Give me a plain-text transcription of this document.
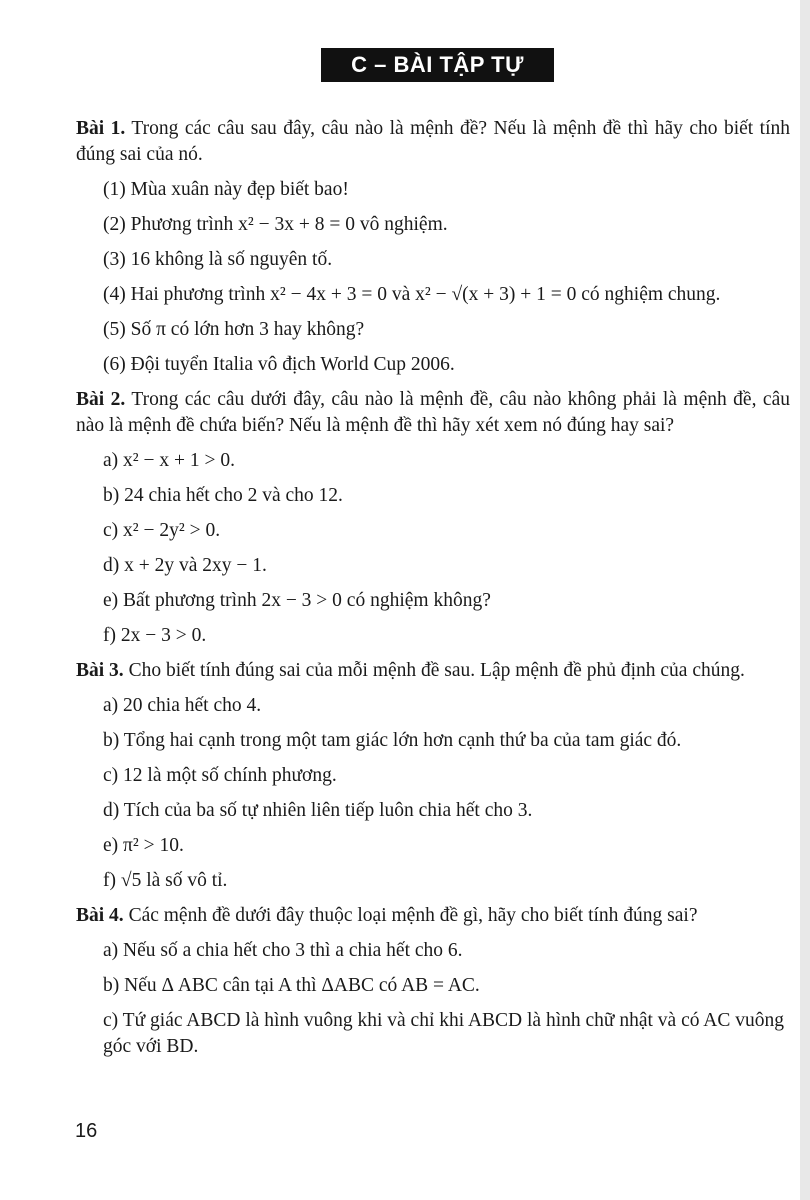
C – BÀI TẬP TỰ LUẬN

Bài 1. Trong các câu sau đây, câu nào là mệnh đề? Nếu là mệnh đề thì hãy cho biết tính đúng sai của nó.

(1) Mùa xuân này đẹp biết bao!

(2) Phương trình x² − 3x + 8 = 0 vô nghiệm.

(3) 16 không là số nguyên tố.

(4) Hai phương trình x² − 4x + 3 = 0 và x² − √(x + 3) + 1 = 0 có nghiệm chung.

(5) Số π có lớn hơn 3 hay không?

(6) Đội tuyển Italia vô địch World Cup 2006.

Bài 2. Trong các câu dưới đây, câu nào là mệnh đề, câu nào không phải là mệnh đề, câu nào là mệnh đề chứa biến? Nếu là mệnh đề thì hãy xét xem nó đúng hay sai?

a) x² − x + 1 > 0.

b) 24 chia hết cho 2 và cho 12.

c) x² − 2y² > 0.

d) x + 2y và 2xy − 1.

e) Bất phương trình 2x − 3 > 0 có nghiệm không?

f) 2x − 3 > 0.

Bài 3. Cho biết tính đúng sai của mỗi mệnh đề sau. Lập mệnh đề phủ định của chúng.

a) 20 chia hết cho 4.

b) Tổng hai cạnh trong một tam giác lớn hơn cạnh thứ ba của tam giác đó.

c) 12 là một số chính phương.

d) Tích của ba số tự nhiên liên tiếp luôn chia hết cho 3.

e) π² > 10.

f) √5 là số vô tỉ.

Bài 4. Các mệnh đề dưới đây thuộc loại mệnh đề gì, hãy cho biết tính đúng sai?

a) Nếu số a chia hết cho 3 thì a chia hết cho 6.

b) Nếu Δ ABC cân tại A thì ΔABC có AB = AC.

c) Tứ giác ABCD là hình vuông khi và chỉ khi ABCD là hình chữ nhật và có AC vuông góc với BD.

16
